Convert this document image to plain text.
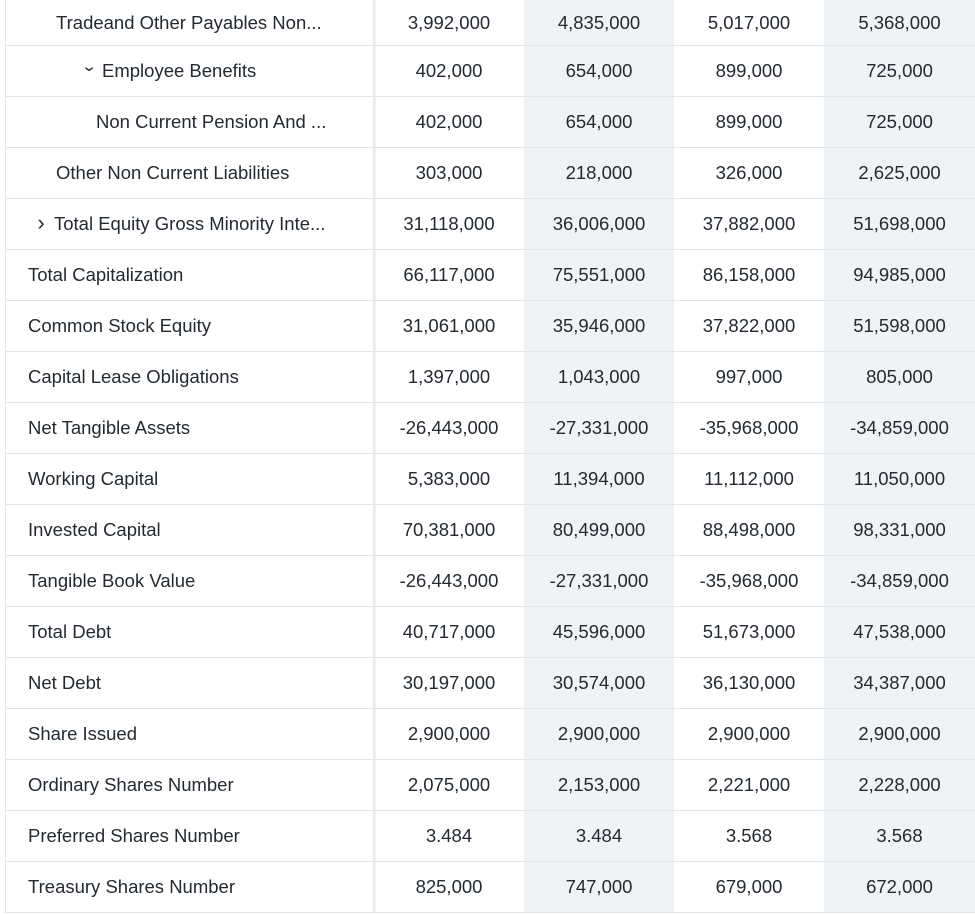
Tradeand Other Payables Non...	3,992,000	4,835,000	5,017,000	5,368,000
⌄ Employee Benefits	402,000	654,000	899,000	725,000
Non Current Pension And ...	402,000	654,000	899,000	725,000
Other Non Current Liabilities	303,000	218,000	326,000	2,625,000
› Total Equity Gross Minority Inte...	31,118,000	36,006,000	37,882,000	51,698,000
Total Capitalization	66,117,000	75,551,000	86,158,000	94,985,000
Common Stock Equity	31,061,000	35,946,000	37,822,000	51,598,000
Capital Lease Obligations	1,397,000	1,043,000	997,000	805,000
Net Tangible Assets	-26,443,000	-27,331,000	-35,968,000	-34,859,000
Working Capital	5,383,000	11,394,000	11,112,000	11,050,000
Invested Capital	70,381,000	80,499,000	88,498,000	98,331,000
Tangible Book Value	-26,443,000	-27,331,000	-35,968,000	-34,859,000
Total Debt	40,717,000	45,596,000	51,673,000	47,538,000
Net Debt	30,197,000	30,574,000	36,130,000	34,387,000
Share Issued	2,900,000	2,900,000	2,900,000	2,900,000
Ordinary Shares Number	2,075,000	2,153,000	2,221,000	2,228,000
Preferred Shares Number	3.484	3.484	3.568	3.568
Treasury Shares Number	825,000	747,000	679,000	672,000
